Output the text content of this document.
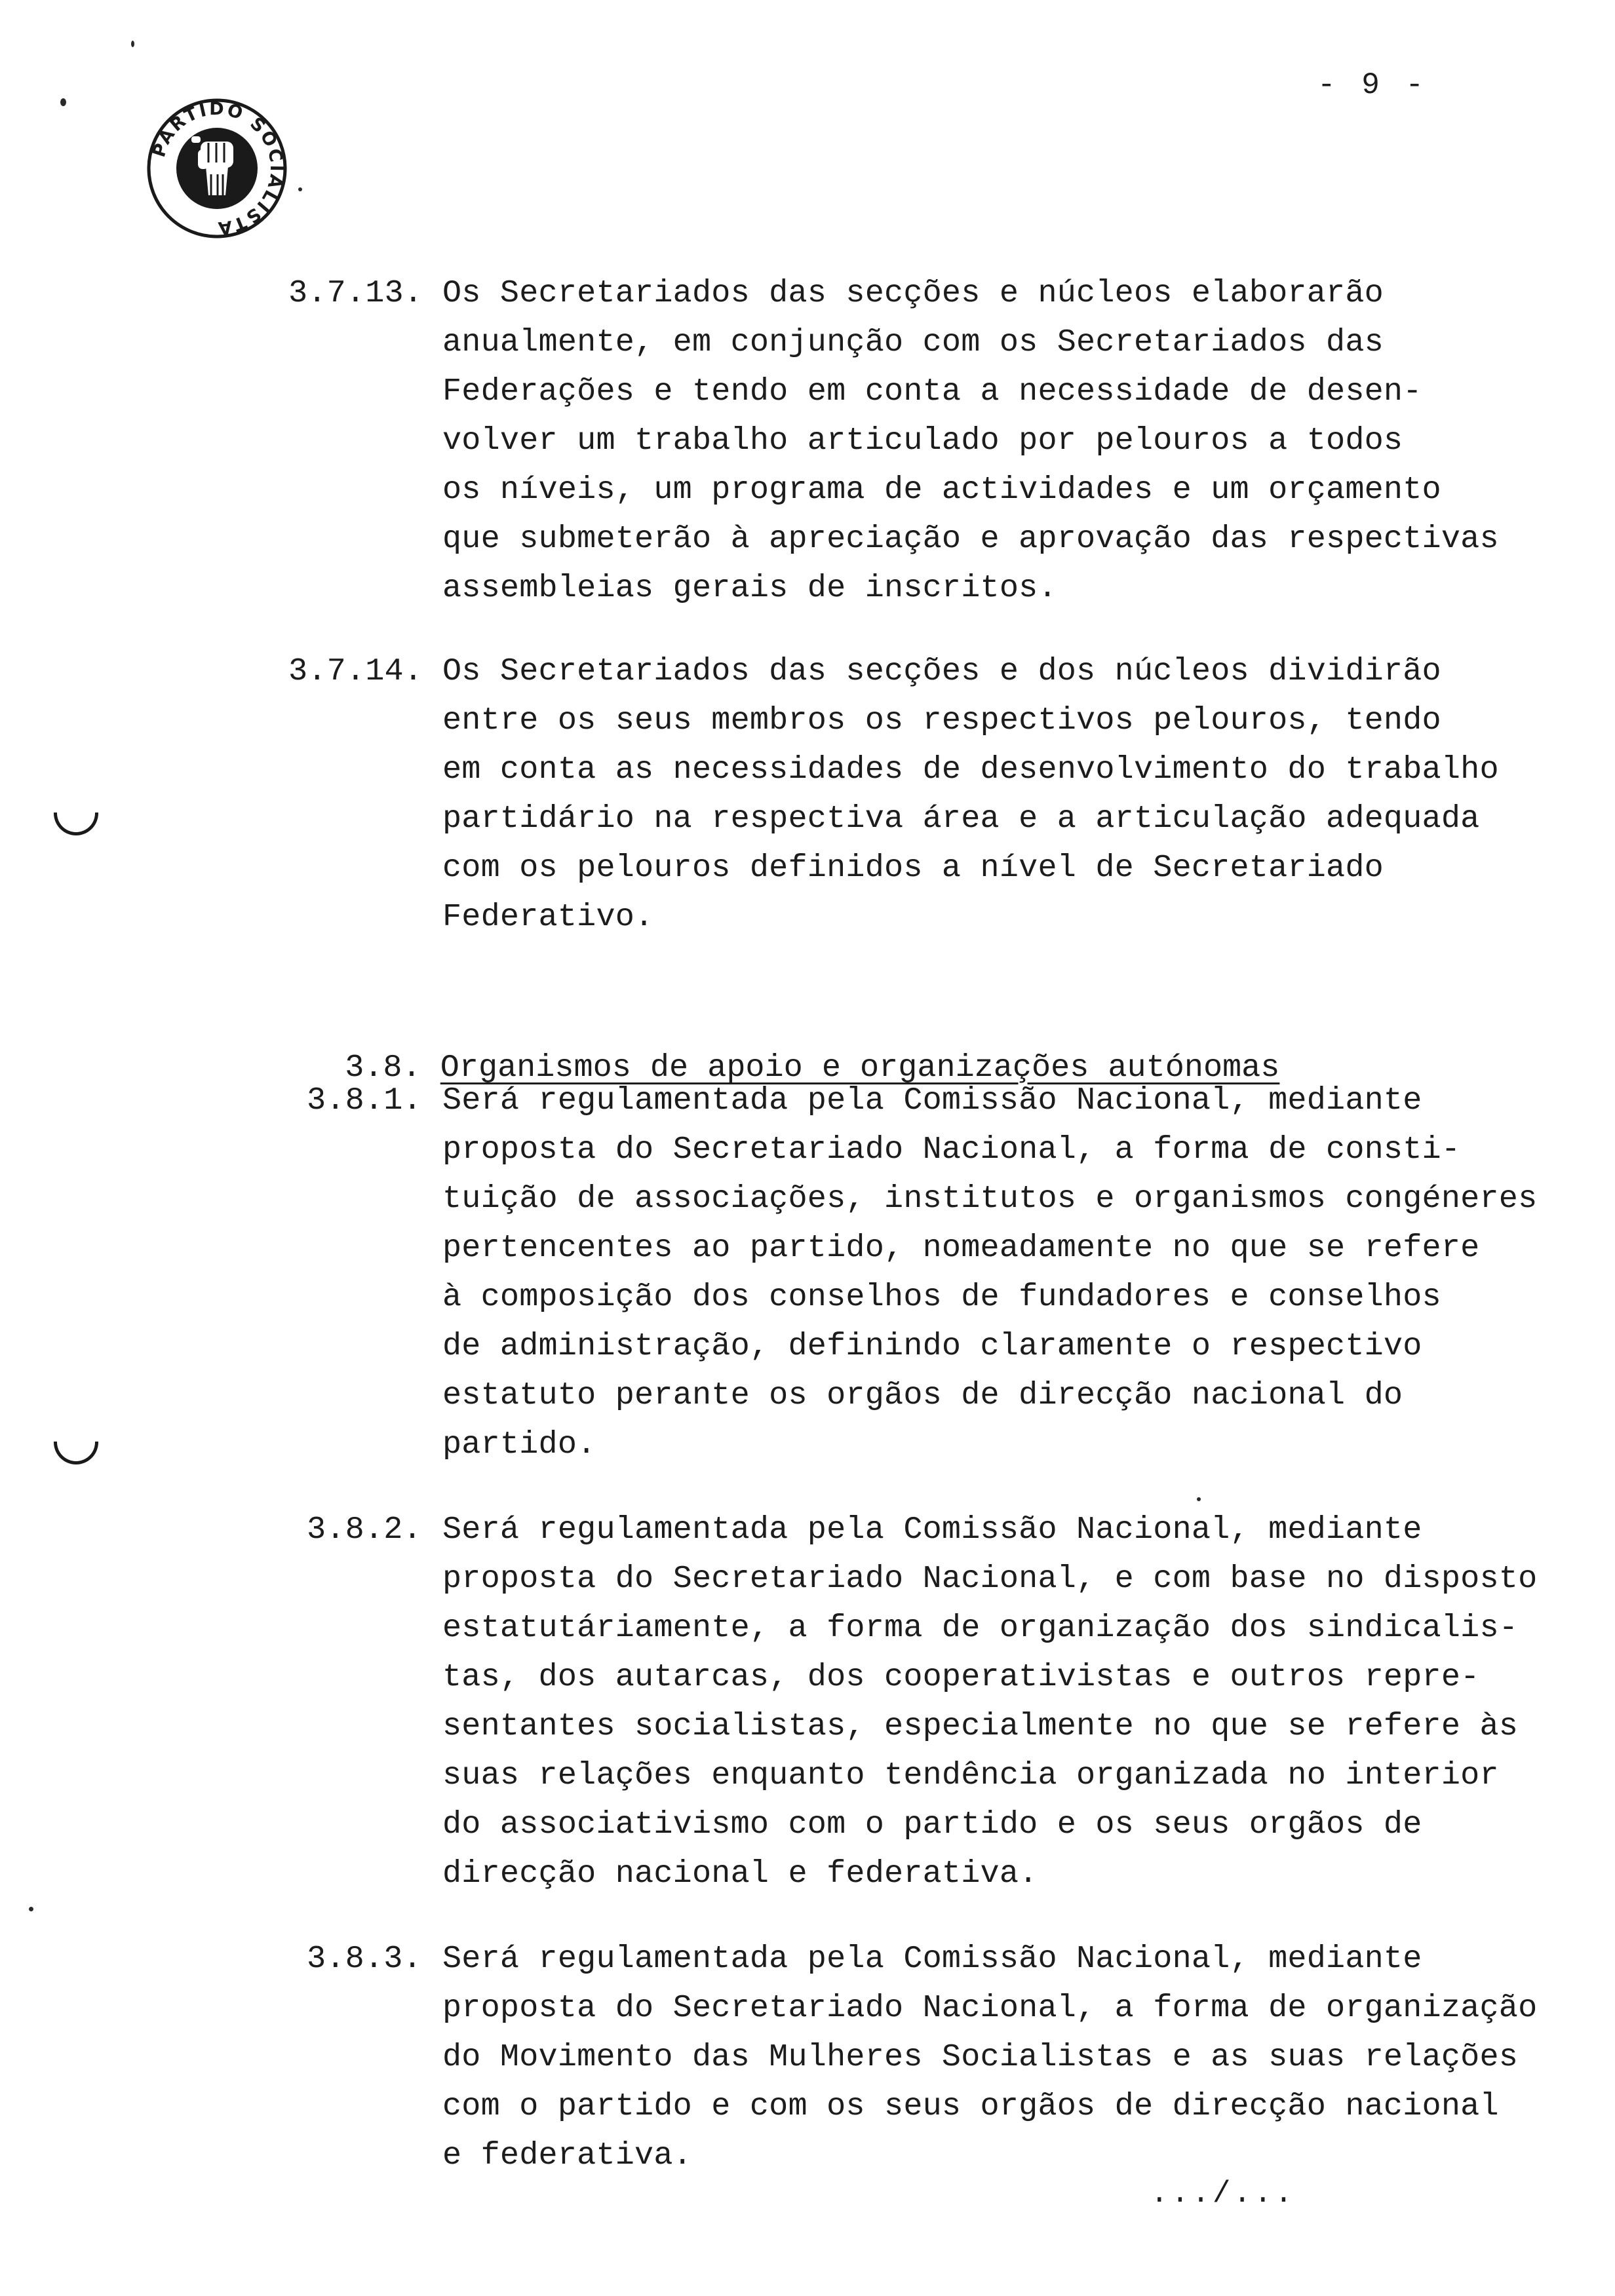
- 9 -
PARTIDO SOCIALISTA
3.7.13. Os Secretariados das secções e núcleos elaborarão
anualmente, em conjunção com os Secretariados das
Federações e tendo em conta a necessidade de desen-
volver um trabalho articulado por pelouros a todos
os níveis, um programa de actividades e um orçamento
que submeterão à apreciação e aprovação das respectivas
assembleias gerais de inscritos.
3.7.14. Os Secretariados das secções e dos núcleos dividirão
entre os seus membros os respectivos pelouros, tendo
em conta as necessidades de desenvolvimento do trabalho
partidário na respectiva área e a articulação adequada
com os pelouros definidos a nível de Secretariado
Federativo.

3.8. Organismos de apoio e organizações autónomas

3.8.1. Será regulamentada pela Comissão Nacional, mediante
proposta do Secretariado Nacional, a forma de consti-
tuição de associações, institutos e organismos congéneres
pertencentes ao partido, nomeadamente no que se refere
à composição dos conselhos de fundadores e conselhos
de administração, definindo claramente o respectivo
estatuto perante os orgãos de direcção nacional do
partido.
3.8.2. Será regulamentada pela Comissão Nacional, mediante
proposta do Secretariado Nacional, e com base no disposto
estatutáriamente, a forma de organização dos sindicalis-
tas, dos autarcas, dos cooperativistas e outros repre-
sentantes socialistas, especialmente no que se refere às
suas relações enquanto tendência organizada no interior
do associativismo com o partido e os seus orgãos de
direcção nacional e federativa.
3.8.3. Será regulamentada pela Comissão Nacional, mediante
proposta do Secretariado Nacional, a forma de organização
do Movimento das Mulheres Socialistas e as suas relações
com o partido e com os seus orgãos de direcção nacional
e federativa.
.../...
